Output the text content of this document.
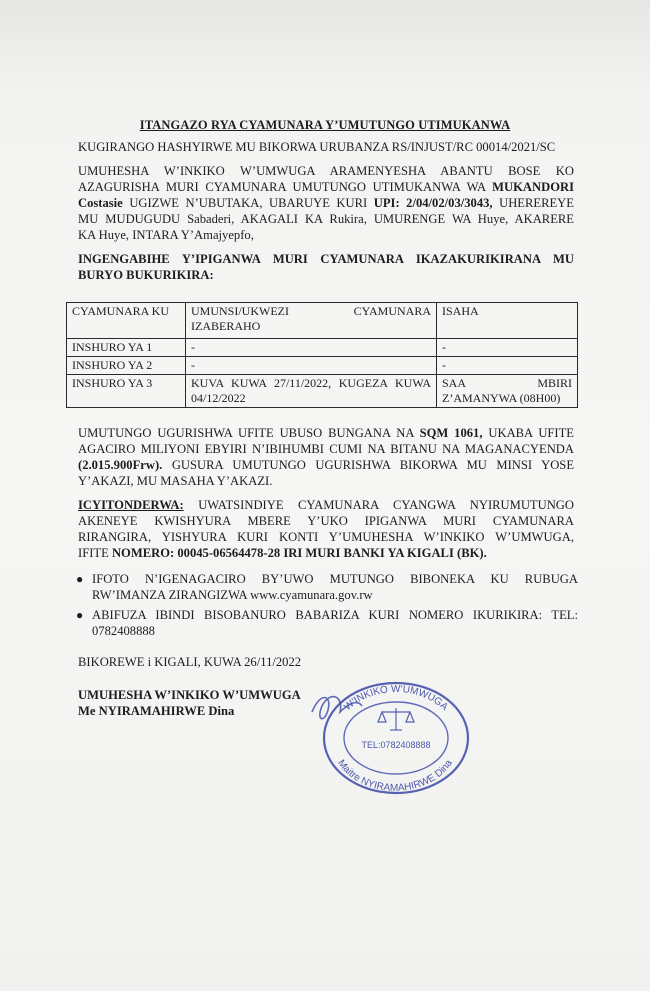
ITANGAZO RYA CYAMUNARA Y’UMUTUNGO UTIMUKANWA
KUGIRANGO HASHYIRWE MU BIKORWA URUBANZA RS/INJUST/RC 00014/2021/SC
UMUHESHA W’INKIKO W’UMWUGA ARAMENYESHA ABANTU BOSE KO
AZAGURISHA MURI CYAMUNARA UMUTUNGO UTIMUKANWA WA MUKANDORI
Costasie UGIZWE N’UBUTAKA, UBARUYE KURI UPI: 2/04/02/03/3043, UHEREREYE
MU MUDUGUDU Sabaderi, AKAGALI KA Rukira, UMURENGE WA Huye, AKARERE
KA Huye, INTARA Y’Amajyepfo,
INGENGABIHE Y’IPIGANWA MURI CYAMUNARA IKAZAKURIKIRANA MU
BURYO BUKURIKIRA:
CYAMUNARA KU	UMUNSI/UKWEZI CYAMUNARA IZABERAHO	ISAHA
INSHURO YA 1	-	-
INSHURO YA 2	-	-
INSHURO YA 3	KUVA KUWA 27/11/2022, KUGEZA KUWA 04/12/2022	SAA MBIRI Z’AMANYWA (08H00)
UMUTUNGO UGURISHWA UFITE UBUSO BUNGANA NA SQM 1061, UKABA UFITE
AGACIRO MILIYONI EBYIRI N’IBIHUMBI CUMI NA BITANU NA MAGANACYENDA
(2.015.900Frw). GUSURA UMUTUNGO UGURISHWA BIKORWA MU MINSI YOSE
Y’AKAZI, MU MASAHA Y’AKAZI.
ICYITONDERWA: UWATSINDIYE CYAMUNARA CYANGWA NYIRUMUTUNGO
AKENEYE KWISHYURA MBERE Y’UKO IPIGANWA MURI CYAMUNARA
RIRANGIRA, YISHYURA KURI KONTI Y’UMUHESHA W’INKIKO W’UMWUGA,
IFITE NOMERO: 00045-06564478-28 IRI MURI BANKI YA KIGALI (BK).
● IFOTO N’IGENAGACIRO BY’UWO MUTUNGO BIBONEKA KU RUBUGA
RW’IMANZA ZIRANGIZWA www.cyamunara.gov.rw
● ABIFUZA IBINDI BISOBANURO BABARIZA KURI NOMERO IKURIKIRA: TEL:
0782408888
BIKOREWE i KIGALI, KUWA 26/11/2022
UMUHESHA W’INKIKO W’UMWUGA
Me NYIRAMAHIRWE Dina	W'INKIKO W'UMWUGA
Maitre NYIRAMAHIRWE Dina
TEL:0782408888
